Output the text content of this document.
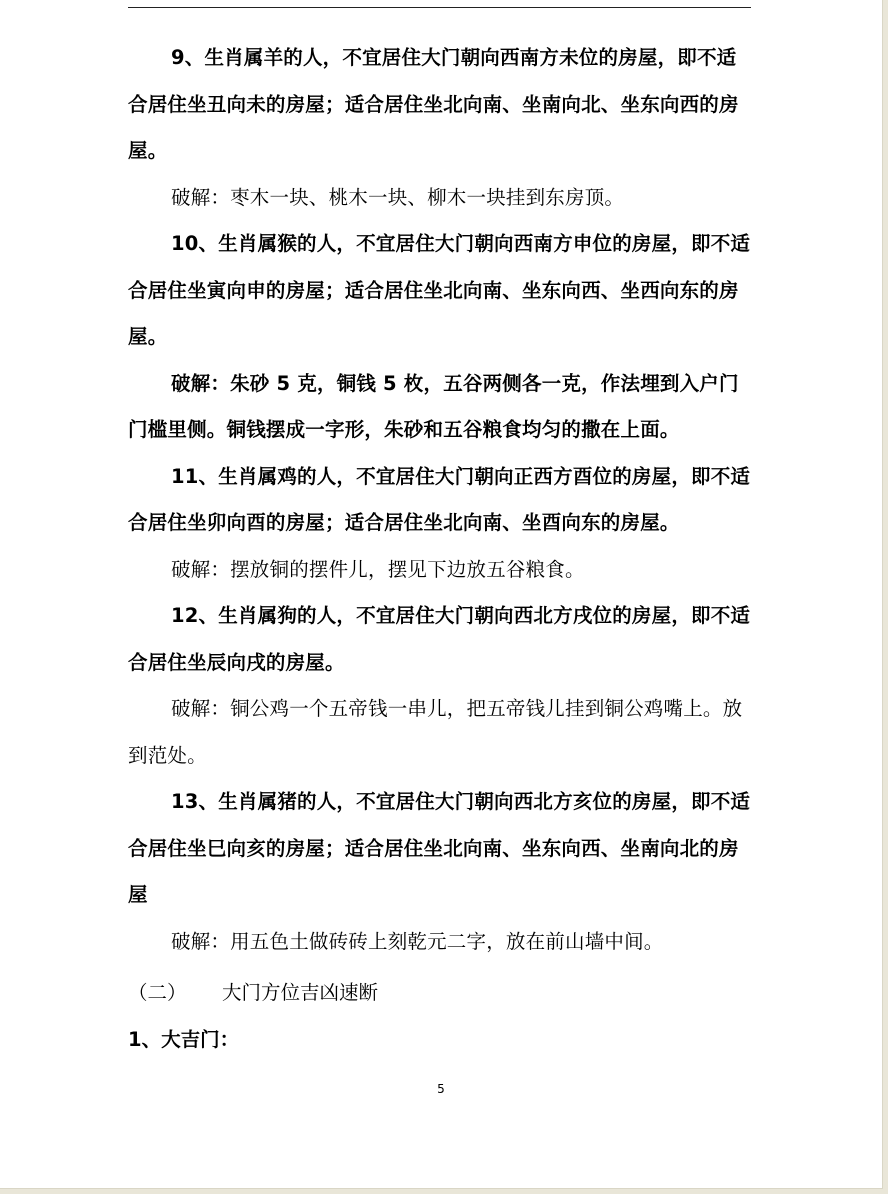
9、生肖属羊的人，不宜居住大门朝向西南方未位的房屋，即不适合居住坐丑向未的房屋；适合居住坐北向南、坐南向北、坐东向西的房屋。

破解：枣木一块、桃木一块、柳木一块挂到东房顶。

10、生肖属猴的人，不宜居住大门朝向西南方申位的房屋，即不适合居住坐寅向申的房屋；适合居住坐北向南、坐东向西、坐西向东的房屋。

破解：朱砂 5 克，铜钱 5 枚，五谷两侧各一克，作法埋到入户门门槛里侧。铜钱摆成一字形，朱砂和五谷粮食均匀的撒在上面。

11、生肖属鸡的人，不宜居住大门朝向正西方酉位的房屋，即不适合居住坐卯向酉的房屋；适合居住坐北向南、坐酉向东的房屋。

破解：摆放铜的摆件儿，摆见下边放五谷粮食。

12、生肖属狗的人，不宜居住大门朝向西北方戌位的房屋，即不适合居住坐辰向戌的房屋。

破解：铜公鸡一个五帝钱一串儿，把五帝钱儿挂到铜公鸡嘴上。放到范处。

13、生肖属猪的人，不宜居住大门朝向西北方亥位的房屋，即不适合居住坐巳向亥的房屋；适合居住坐北向南、坐东向西、坐南向北的房屋

破解：用五色土做砖砖上刻乾元二字，放在前山墙中间。

（二） 大门方位吉凶速断
1、大吉门：
5
